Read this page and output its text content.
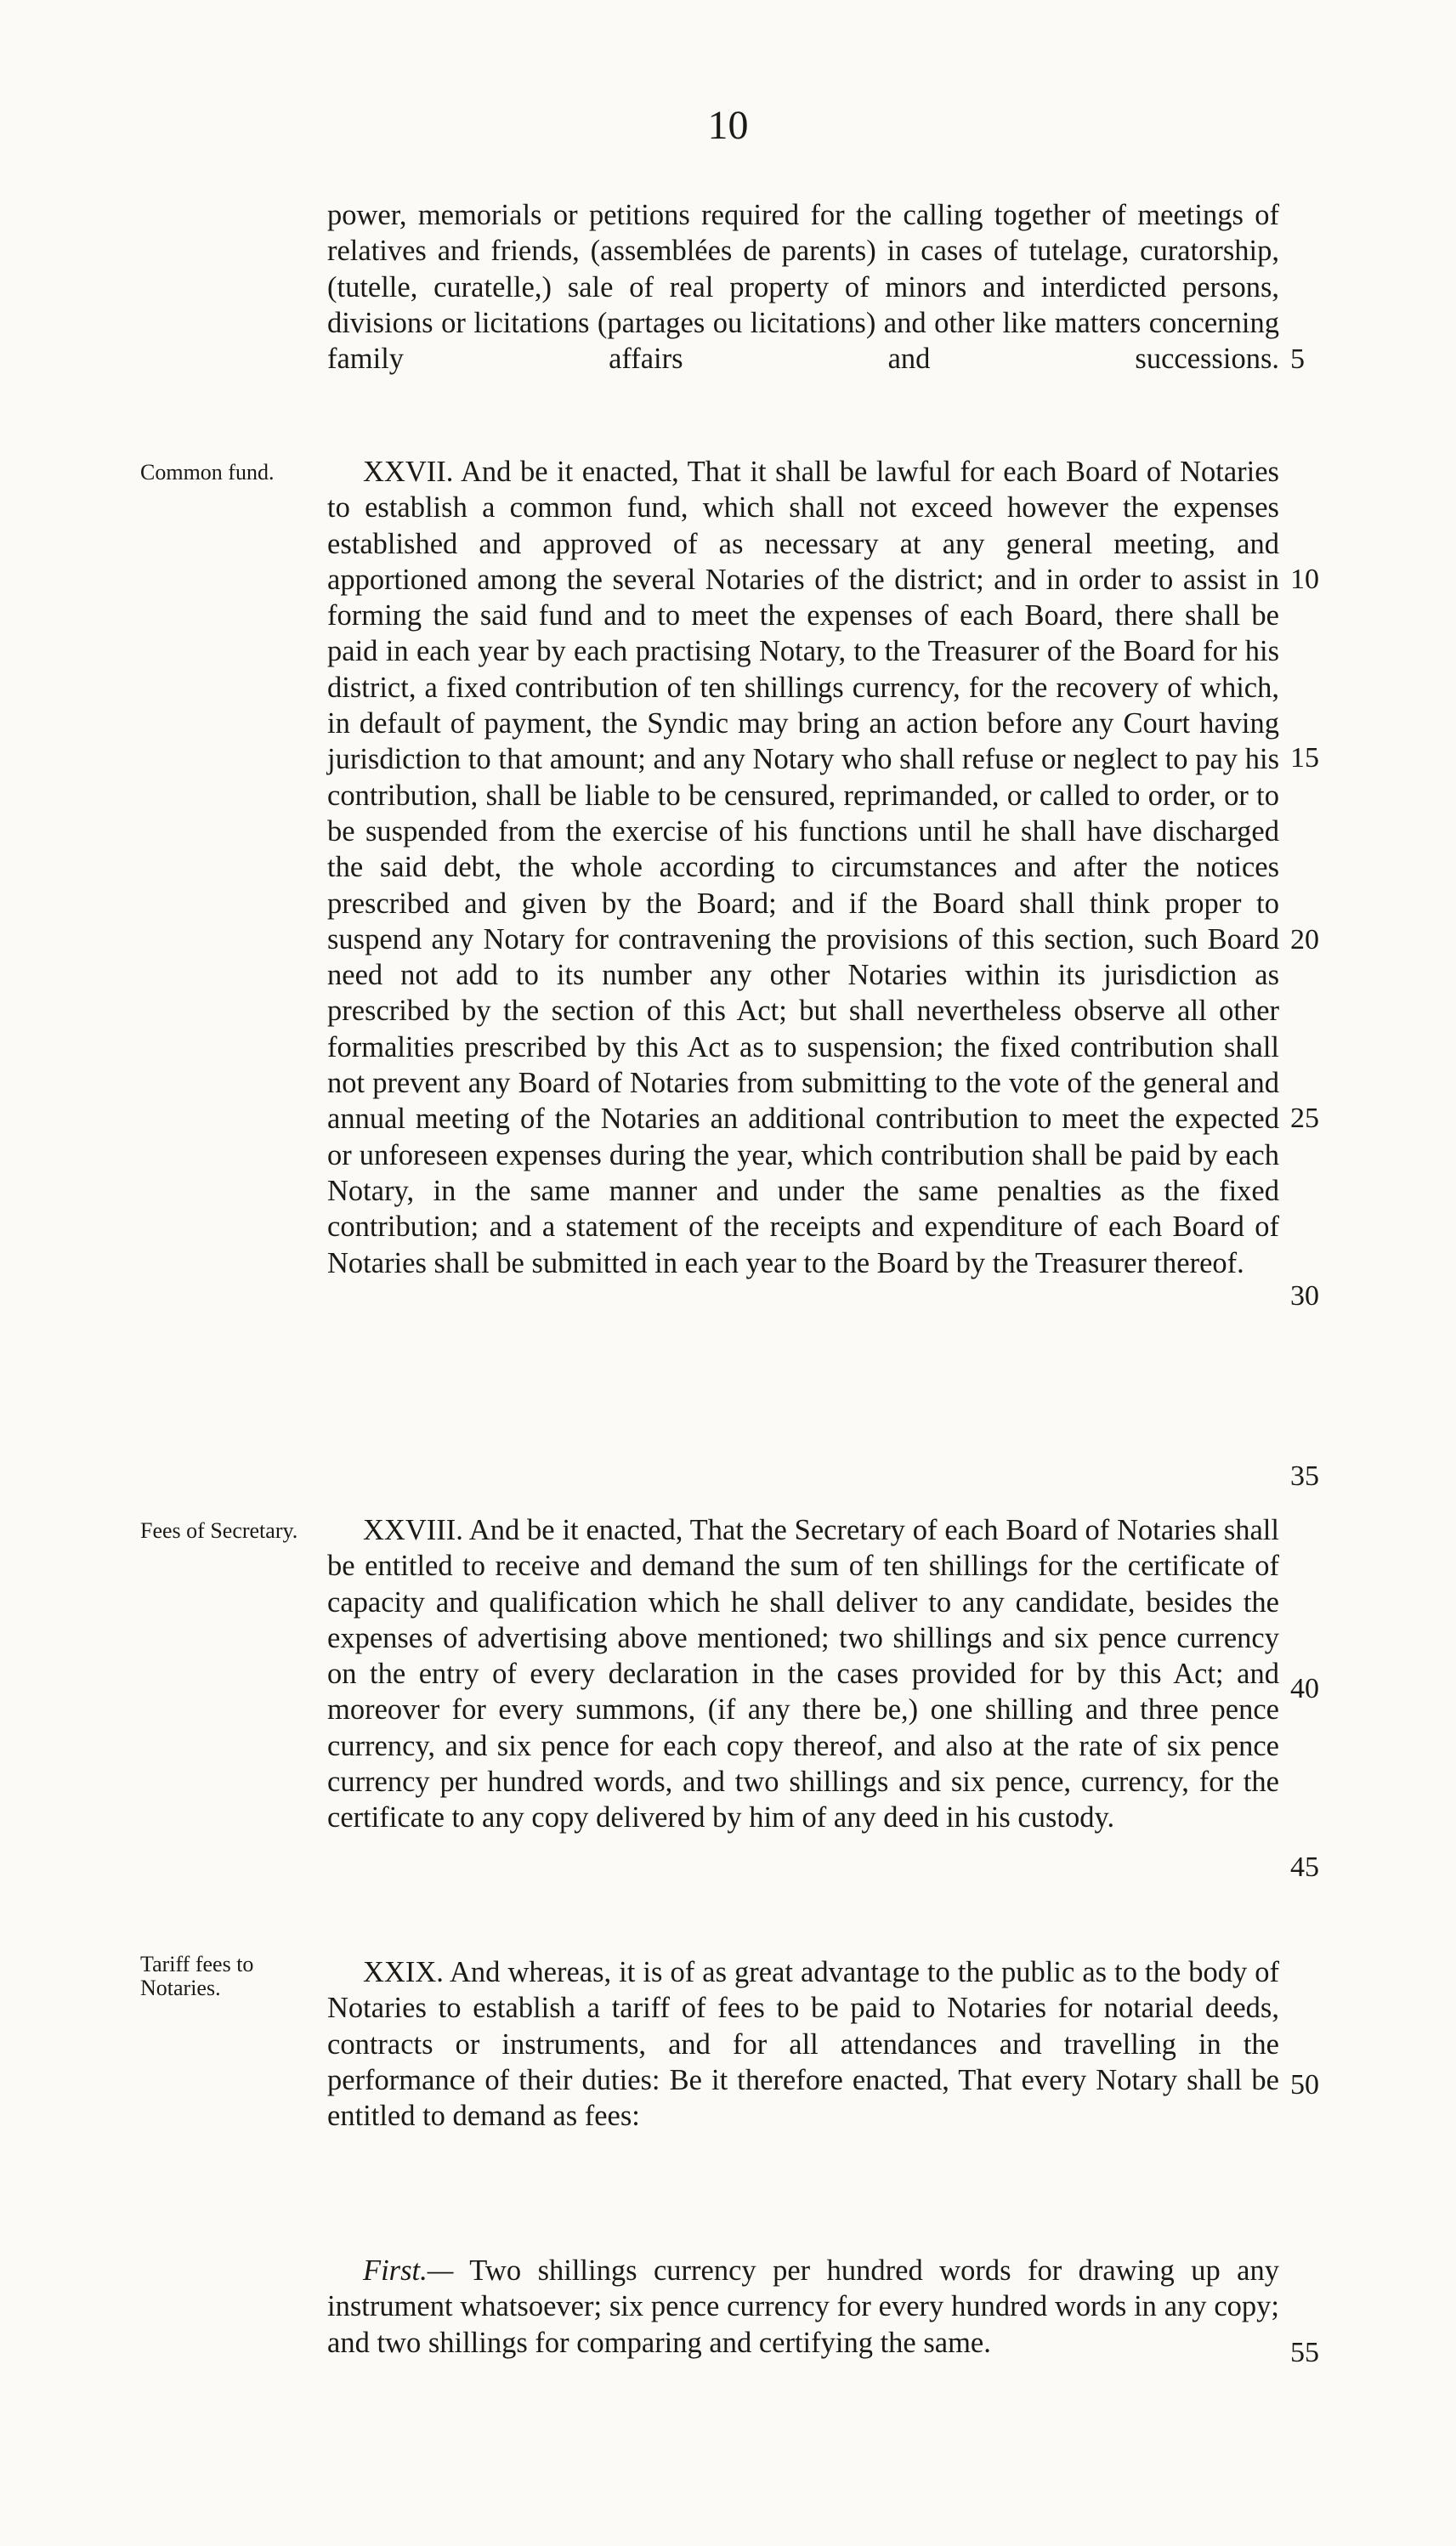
10
power, memorials or petitions required for the calling together of meetings of relatives and friends, (assemblées de parents) in cases of tutelage, curatorship, (tutelle, curatelle,) sale of real property of minors and interdicted persons, divisions or licitations (partages ou licitations) and other like matters concerning family affairs and successions.
Common fund.	XXVII. And be it enacted, That it shall be lawful for each Board of Notaries to establish a common fund, which shall not exceed however the expenses established and approved of as necessary at any general meeting, and apportioned among the several Notaries of the district; and in order to assist in forming the said fund and to meet the expenses of each Board, there shall be paid in each year by each practising Notary, to the Treasurer of the Board for his district, a fixed contribution of ten shillings currency, for the recovery of which, in default of payment, the Syndic may bring an action before any Court having jurisdiction to that amount; and any Notary who shall refuse or neglect to pay his contribution, shall be liable to be censured, reprimanded, or called to order, or to be suspended from the exercise of his functions until he shall have discharged the said debt, the whole according to circumstances and after the notices prescribed and given by the Board; and if the Board shall think proper to suspend any Notary for contravening the provisions of this section, such Board need not add to its number any other Notaries within its jurisdiction as prescribed by the section of this Act; but shall nevertheless observe all other formalities prescribed by this Act as to suspension; the fixed contribution shall not prevent any Board of Notaries from submitting to the vote of the general and annual meeting of the Notaries an additional contribution to meet the expected or unforeseen expenses during the year, which contribution shall be paid by each Notary, in the same manner and under the same penalties as the fixed contribution; and a statement of the receipts and expenditure of each Board of Notaries shall be submitted in each year to the Board by the Treasurer thereof.

Fees of Secretary.	XXVIII. And be it enacted, That the Secretary of each Board of Notaries shall be entitled to receive and demand the sum of ten shillings for the certificate of capacity and qualification which he shall deliver to any candidate, besides the expenses of advertising above mentioned; two shillings and six pence currency on the entry of every declaration in the cases provided for by this Act; and moreover for every summons, (if any there be,) one shilling and three pence currency, and six pence for each copy thereof, and also at the rate of six pence currency per hundred words, and two shillings and six pence, currency, for the certificate to any copy delivered by him of any deed in his custody.

Tariff fees to Notaries.	XXIX. And whereas, it is of as great advantage to the public as to the body of Notaries to establish a tariff of fees to be paid to Notaries for notarial deeds, contracts or instruments, and for all attendances and travelling in the performance of their duties: Be it therefore enacted, That every Notary shall be entitled to demand as fees:

First.— Two shillings currency per hundred words for drawing up any instrument whatsoever; six pence currency for every hundred words in any copy; and two shillings for comparing and certifying the same.

5
10
15
20
25
30
35
40
45
50
55
